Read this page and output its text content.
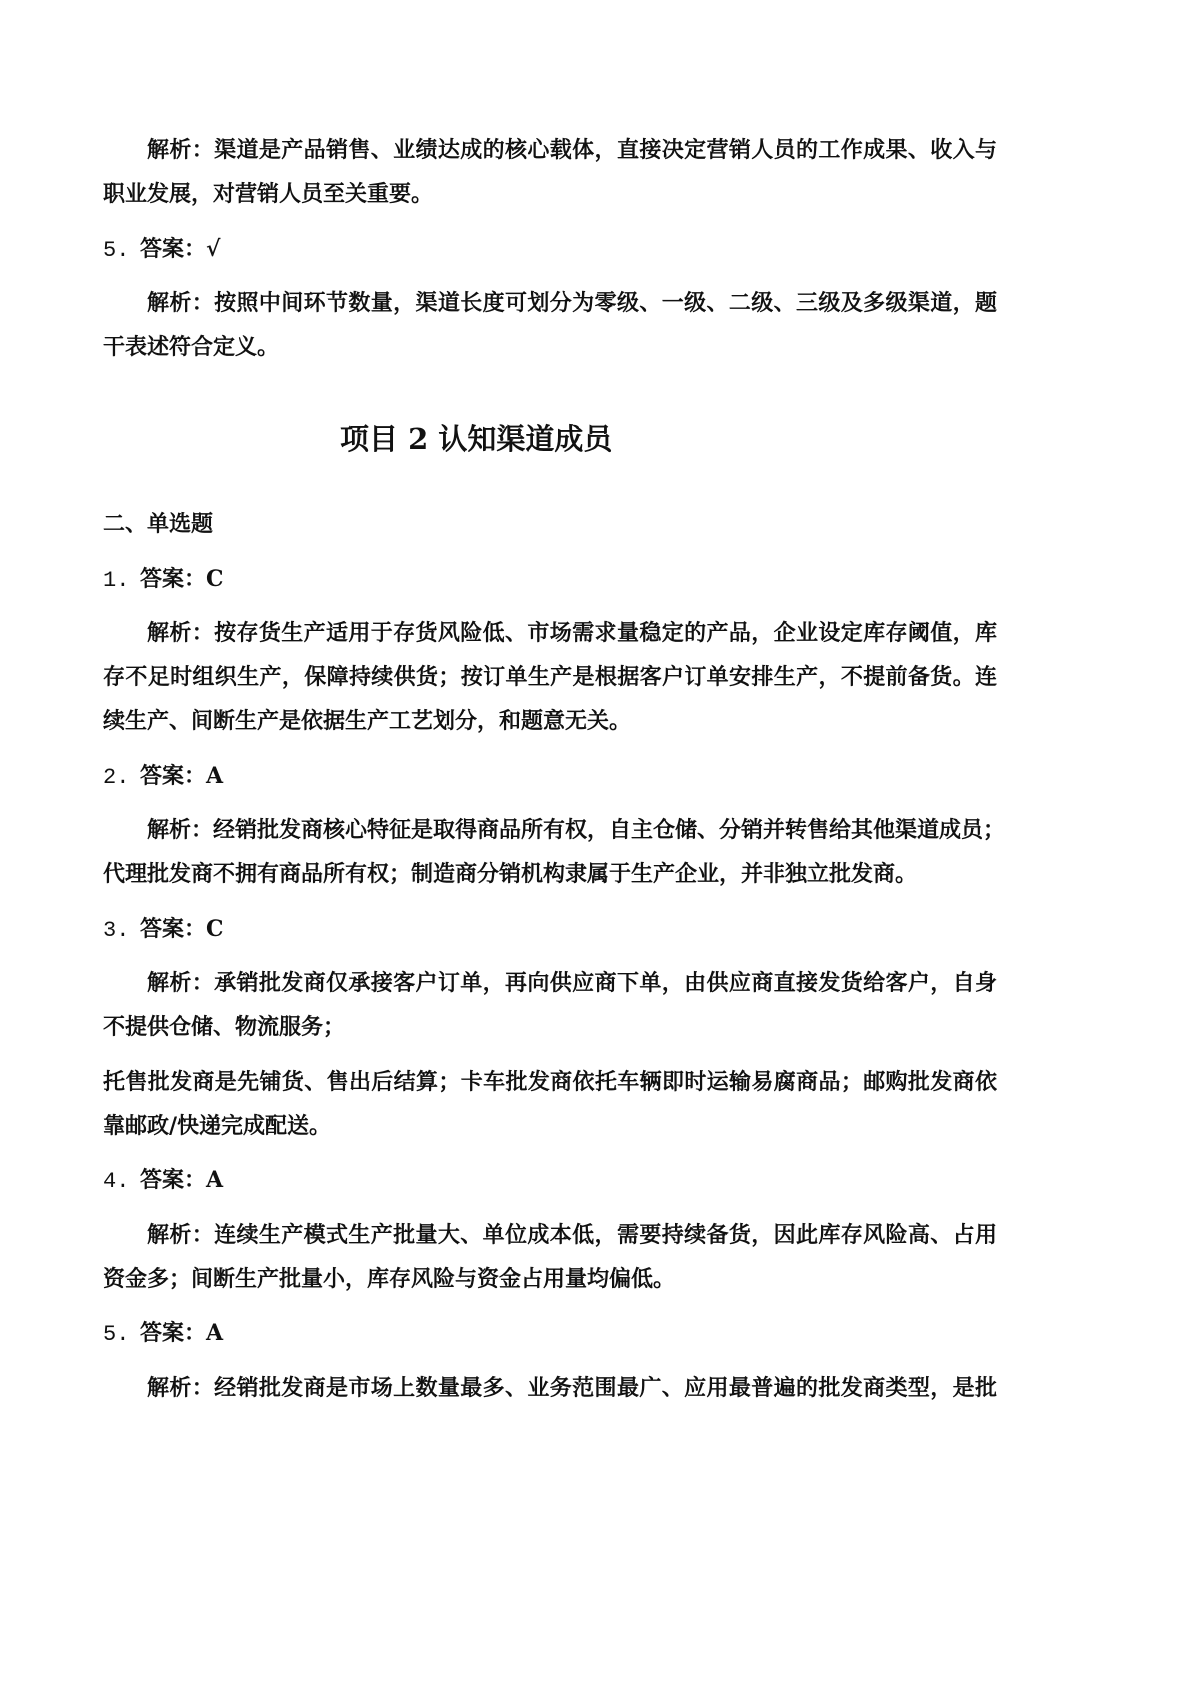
解析：渠道是产品销售、业绩达成的核心载体，直接决定营销人员的工作成果、收入与
职业发展，对营销人员至关重要。
5. 答案：√
解析：按照中间环节数量，渠道长度可划分为零级、一级、二级、三级及多级渠道，题
干表述符合定义。
项目 2 认知渠道成员
二、单选题
1. 答案：C
解析：按存货生产适用于存货风险低、市场需求量稳定的产品，企业设定库存阈值，库
存不足时组织生产，保障持续供货；按订单生产是根据客户订单安排生产，不提前备货。连
续生产、间断生产是依据生产工艺划分，和题意无关。
2. 答案：A
解析：经销批发商核心特征是取得商品所有权，自主仓储、分销并转售给其他渠道成员；
代理批发商不拥有商品所有权；制造商分销机构隶属于生产企业，并非独立批发商。
3. 答案：C
解析：承销批发商仅承接客户订单，再向供应商下单，由供应商直接发货给客户，自身
不提供仓储、物流服务；
托售批发商是先铺货、售出后结算；卡车批发商依托车辆即时运输易腐商品；邮购批发商依
靠邮政/快递完成配送。
4. 答案：A
解析：连续生产模式生产批量大、单位成本低，需要持续备货，因此库存风险高、占用
资金多；间断生产批量小，库存风险与资金占用量均偏低。
5. 答案：A
解析：经销批发商是市场上数量最多、业务范围最广、应用最普遍的批发商类型，是批
